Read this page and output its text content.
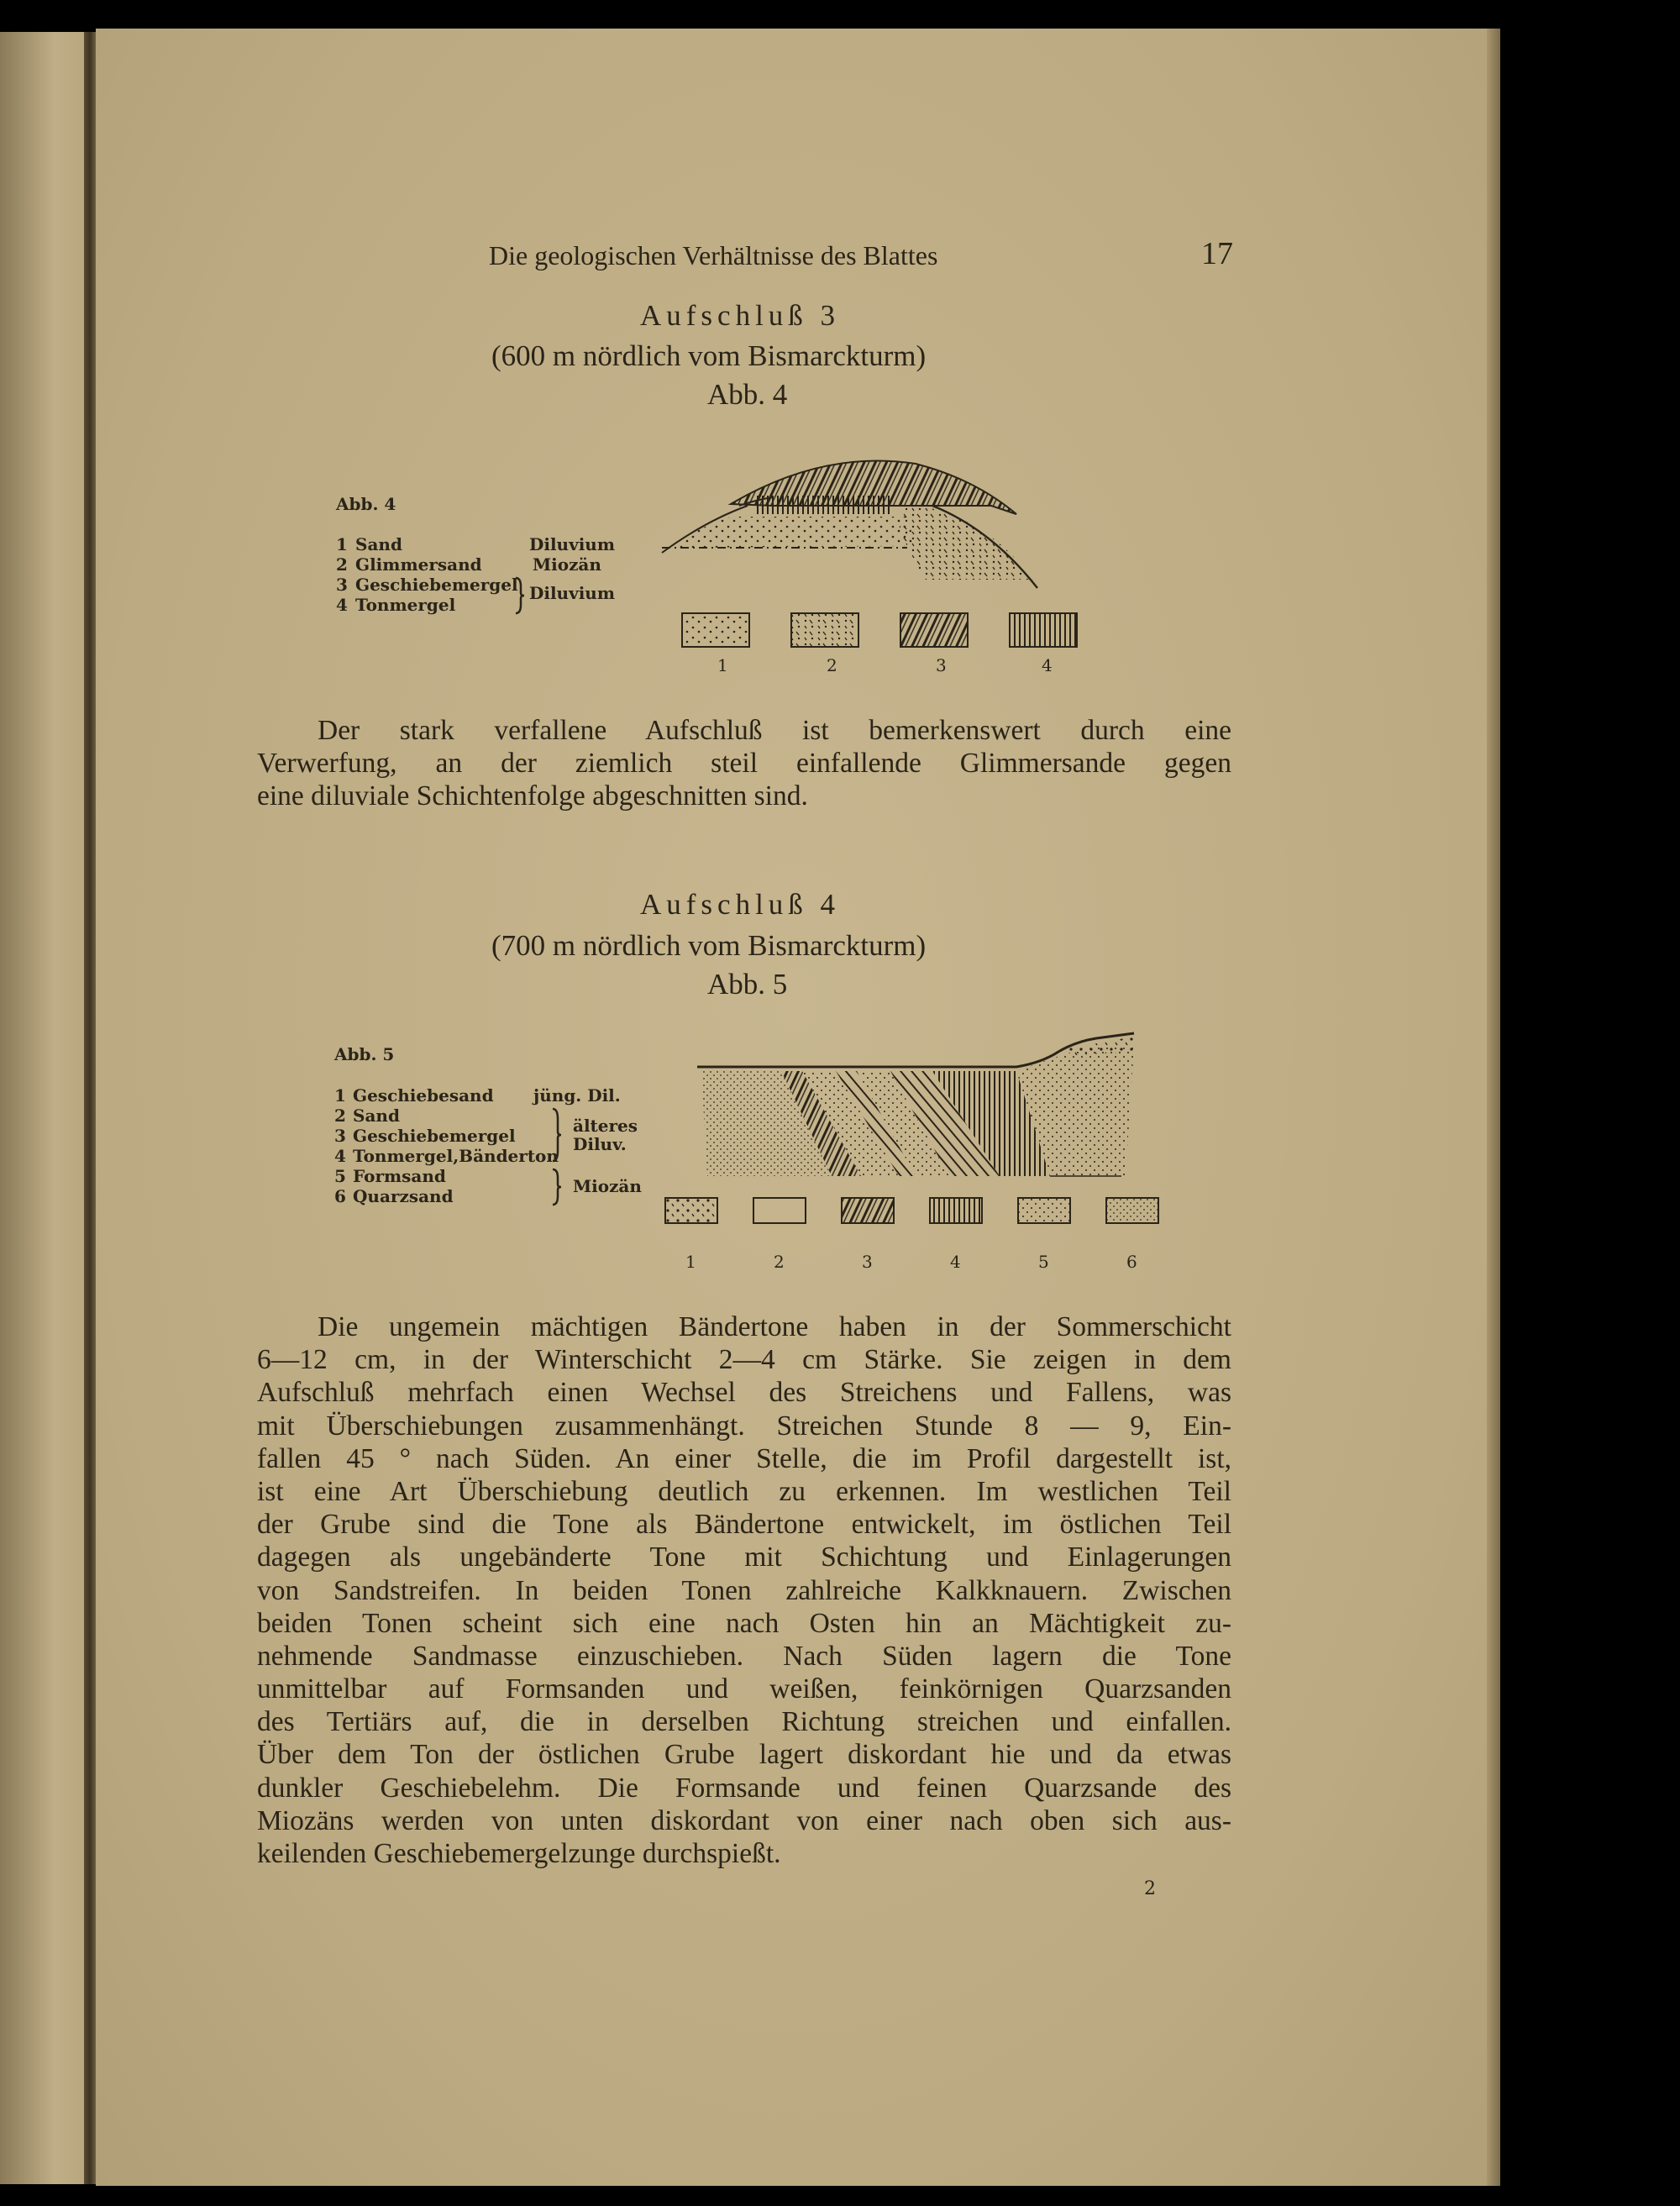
Die geologischen Verhältnisse des Blattes	17
Aufschluß 3
(600 m nördlich vom Bismarckturm)
Abb. 4
Abb. 4
1 Sand	Diluvium
2 Glimmersand	Miozän
3 Geschiebemergel
4 Tonmergel
Diluvium
1	2	3	4
Der stark verfallene Aufschluß ist bemerkenswert durch eine
Verwerfung, an der ziemlich steil einfallende Glimmersande gegen
eine diluviale Schichtenfolge abgeschnitten sind.
Aufschluß 4
(700 m nördlich vom Bismarckturm)
Abb. 5
Abb. 5
1 Geschiebesand jüng. Dil.
2 Sand
3 Geschiebemergel
4 Tonmergel,Bänderton
5 Formsand
6 Quarzsand
älteres
Diluv.
Miozän
1	2	3	4	5	6
Die ungemein mächtigen Bändertone haben in der Sommerschicht
6—12 cm, in der Winterschicht 2—4 cm Stärke. Sie zeigen in dem
Aufschluß mehrfach einen Wechsel des Streichens und Fallens, was
mit Überschiebungen zusammenhängt. Streichen Stunde 8 — 9, Ein-
fallen 45 ° nach Süden. An einer Stelle, die im Profil dargestellt ist,
ist eine Art Überschiebung deutlich zu erkennen. Im westlichen Teil
der Grube sind die Tone als Bändertone entwickelt, im östlichen Teil
dagegen als ungebänderte Tone mit Schichtung und Einlagerungen
von Sandstreifen. In beiden Tonen zahlreiche Kalkknauern. Zwischen
beiden Tonen scheint sich eine nach Osten hin an Mächtigkeit zu-
nehmende Sandmasse einzuschieben. Nach Süden lagern die Tone
unmittelbar auf Formsanden und weißen, feinkörnigen Quarzsanden
des Tertiärs auf, die in derselben Richtung streichen und einfallen.
Über dem Ton der östlichen Grube lagert diskordant hie und da etwas
dunkler Geschiebelehm. Die Formsande und feinen Quarzsande des
Miozäns werden von unten diskordant von einer nach oben sich aus-
keilenden Geschiebemergelzunge durchspießt.
2
